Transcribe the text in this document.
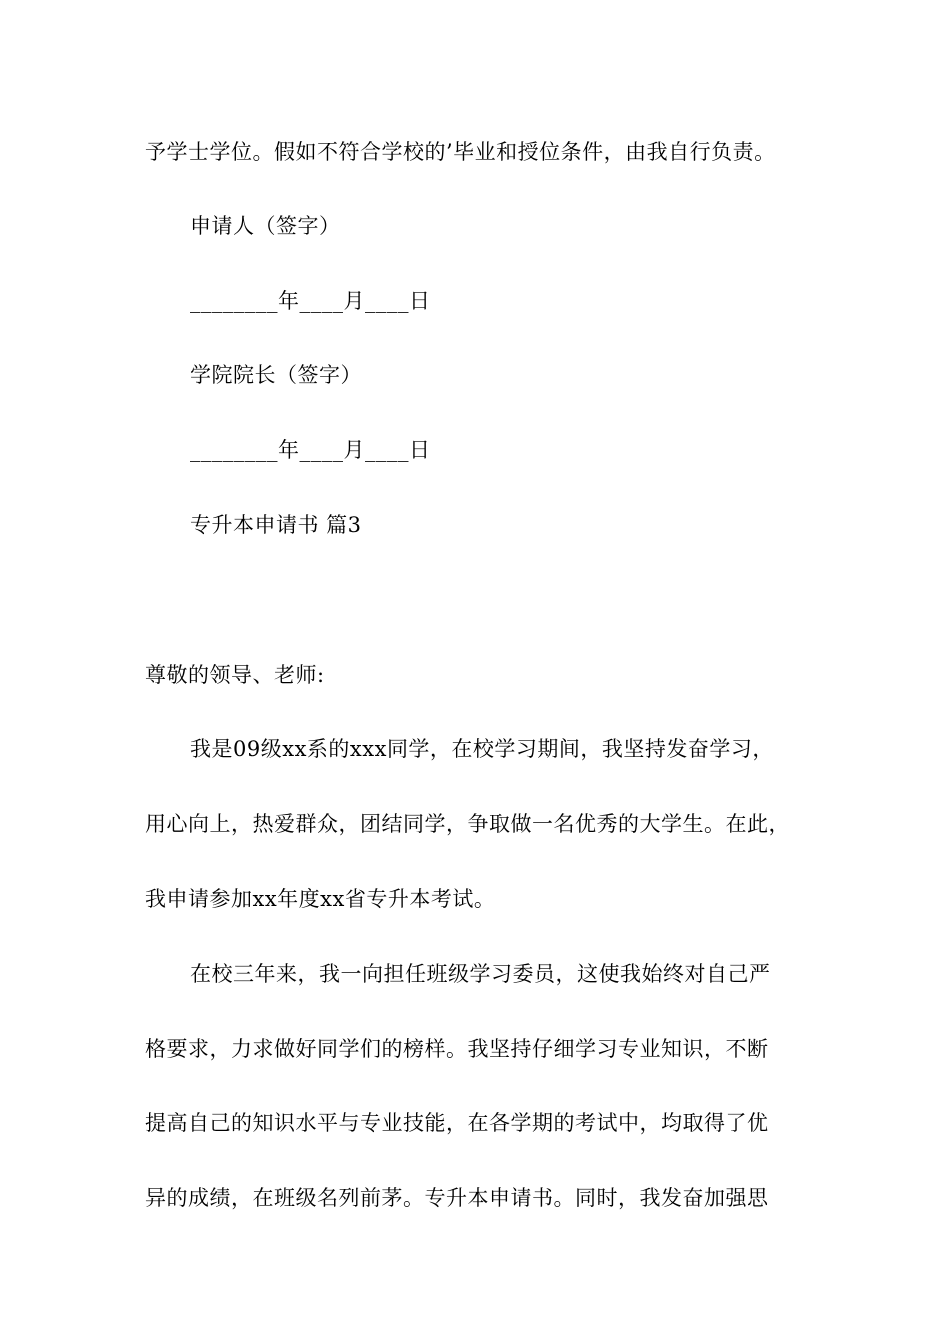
予学士学位。假如不符合学校的’毕业和授位条件，由我自行负责。
申请人（签字）
________年____月____日
学院院长（签字）
________年____月____日
专升本申请书 篇3
尊敬的领导、老师:
我是09级xx系的xxx同学，在校学习期间，我坚持发奋学习，
用心向上，热爱群众，团结同学，争取做一名优秀的大学生。在此，
我申请参加xx年度xx省专升本考试。
在校三年来，我一向担任班级学习委员，这使我始终对自己严
格要求，力求做好同学们的榜样。我坚持仔细学习专业知识，不断
提高自己的知识水平与专业技能，在各学期的考试中，均取得了优
异的成绩，在班级名列前茅。专升本申请书。同时，我发奋加强思
